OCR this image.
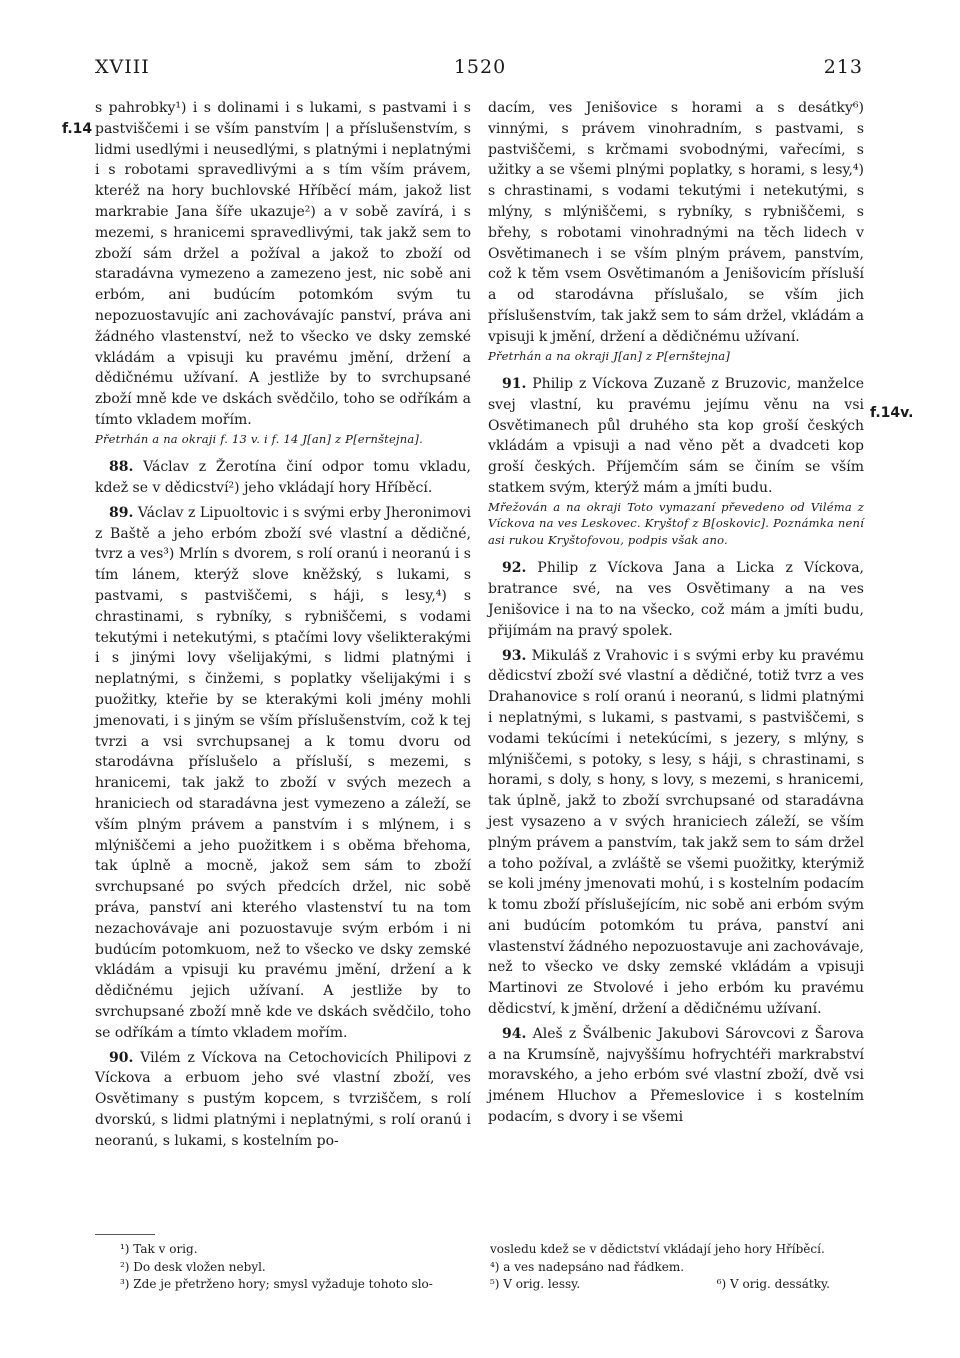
XVIII	1520	213
f.14
f.14v.

s pahrobky¹) i s dolinami i s lukami, s pastvami i s pastviščemi i se vším panstvím | a příslušenstvím, s lidmi usedlými i neusedlými, s platnými i neplatnými i s robotami spravedlivými a s tím vším právem, kteréž na hory buchlovské Hříběcí mám, jakož list markrabie Jana šíře ukazuje²) a v sobě zavírá, i s mezemi, s hranicemi spravedlivými, tak jakž sem to zboží sám držel a požíval a jakož to zboží od staradávna vymezeno a zamezeno jest, nic sobě ani erbóm, ani budúcím potomkóm svým tu nepozuostavujíc ani zachovávajíc panství, práva ani žádného vlastenství, než to všecko ve dsky zemské vkládám a vpisuji ku pravému jmění, držení a dědičnému užívaní. A jestliže by to svrchupsané zboží mně kde ve dskách svědčilo, toho se odříkám a tímto vkladem mořím.

Přetrhán a na okraji f. 13 v. i f. 14 J[an] z P[ernštejna].

88. Václav z Žerotína činí odpor tomu vkladu, kdež se v dědicství²) jeho vkládají hory Hříběcí.

89. Václav z Lipuoltovic i s svými erby Jheronimovi z Baště a jeho erbóm zboží své vlastní a dědičné, tvrz a ves³) Mrlín s dvorem, s rolí oranú i neoranú i s tím lánem, kterýž slove kněžský, s lukami, s pastvami, s pastviščemi, s háji, s lesy,⁴) s chrastinami, s rybníky, s rybniščemi, s vodami tekutými i netekutými, s ptačími lovy všelikterakými i s jinými lovy všelijakými, s lidmi platnými i neplatnými, s činžemi, s poplatky všelijakými i s puožitky, kteřie by se kterakými koli jmény mohli jmenovati, i s jiným se vším příslušenstvím, což k tej tvrzi a vsi svrchupsanej a k tomu dvoru od starodávna příslušelo a přísluší, s mezemi, s hranicemi, tak jakž to zboží v svých mezech a hraniciech od staradávna jest vymezeno a záleží, se vším plným právem a panstvím i s mlýnem, i s mlýniščemi a jeho puožitkem i s oběma břehoma, tak úplně a mocně, jakož sem sám to zboží svrchupsané po svých předcích držel, nic sobě práva, panství ani kterého vlastenství tu na tom nezachovávaje ani pozuostavuje svým erbóm i ni budúcím potomkuom, než to všecko ve dsky zemské vkládám a vpisuji ku pravému jmění, držení a k dědičnému jejich užívaní. A jestliže by to svrchupsané zboží mně kde ve dskách svědčilo, toho se odříkám a tímto vkladem mořím.

90. Vilém z Víckova na Cetochovicích Philipovi z Víckova a erbuom jeho své vlastní zboží, ves Osvětimany s pustým kopcem, s tvrziščem, s rolí dvorskú, s lidmi platnými i neplatnými, s rolí oranú i neoranú, s lukami, s kostelním po-

dacím, ves Jenišovice s horami a s desátky⁶) vinnými, s právem vinohradním, s pastvami, s pastviščemi, s krčmami svobodnými, vařecími, s užitky a se všemi plnými poplatky, s horami, s lesy,⁴) s chrastinami, s vodami tekutými i netekutými, s mlýny, s mlýniščemi, s rybníky, s rybniščemi, s břehy, s robotami vinohradnými na těch lidech v Osvětimanech i se vším plným právem, panstvím, což k těm vsem Osvětimanóm a Jenišovicím přísluší a od starodávna příslušalo, se vším jich příslušenstvím, tak jakž sem to sám držel, vkládám a vpisuji k jmění, držení a dědičnému užívaní.

Přetrhán a na okraji J[an] z P[ernštejna]

91. Philip z Víckova Zuzaně z Bruzovic, manželce svej vlastní, ku pravému jejímu věnu na vsi Osvětimanech půl druhého sta kop groší českých vkládám a vpisuji a nad věno pět a dvadceti kop groší českých. Příjemčím sám se činím se vším statkem svým, kterýž mám a jmíti budu.

Mřežován a na okraji Toto vymazaní převedeno od Viléma z Víckova na ves Leskovec. Kryštof z B[oskovic]. Poznámka není asi rukou Kryštofovou, podpis však ano.

92. Philip z Víckova Jana a Licka z Víckova, bratrance své, na ves Osvětimany a na ves Jenišovice i na to na všecko, což mám a jmíti budu, přijímám na pravý spolek.

93. Mikuláš z Vrahovic i s svými erby ku pravému dědicství zboží své vlastní a dědičné, totiž tvrz a ves Drahanovice s rolí oranú i neoranú, s lidmi platnými i neplatnými, s lukami, s pastvami, s pastviščemi, s vodami tekúcími i netekúcími, s jezery, s mlýny, s mlýniščemi, s potoky, s lesy, s háji, s chrastinami, s horami, s doly, s hony, s lovy, s mezemi, s hranicemi, tak úplně, jakž to zboží svrchupsané od staradávna jest vysazeno a v svých hraniciech záleží, se vším plným právem a panstvím, tak jakž sem to sám držel a toho požíval, a zvláště se všemi puožitky, kterýmiž se koli jmény jmenovati mohú, i s kostelním podacím k tomu zboží příslušejícím, nic sobě ani erbóm svým ani budúcím potomkóm tu práva, panství ani vlastenství žádného nepozuostavuje ani zachovávaje, než to všecko ve dsky zemské vkládám a vpisuji Martinovi ze Stvolové i jeho erbóm ku pravému dědicství, k jmění, držení a dědičnému užívaní.

94. Aleš z Šválbenic Jakubovi Sárovcovi z Šarova a na Krumsíně, najvyššímu hofrychtéři markrabství moravského, a jeho erbóm své vlastní zboží, dvě vsi jménem Hluchov a Přemeslovice i s kostelním podacím, s dvory i se všemi

¹) Tak v orig.
²) Do desk vložen nebyl.
³) Zde je přetrženo hory; smysl vyžaduje tohoto slo-
vosledu kdež se v dědictství vkládají jeho hory Hříběcí.
⁴) a ves nadepsáno nad řádkem.
⁵) V orig. lessy.	⁶) V orig. dessátky.
